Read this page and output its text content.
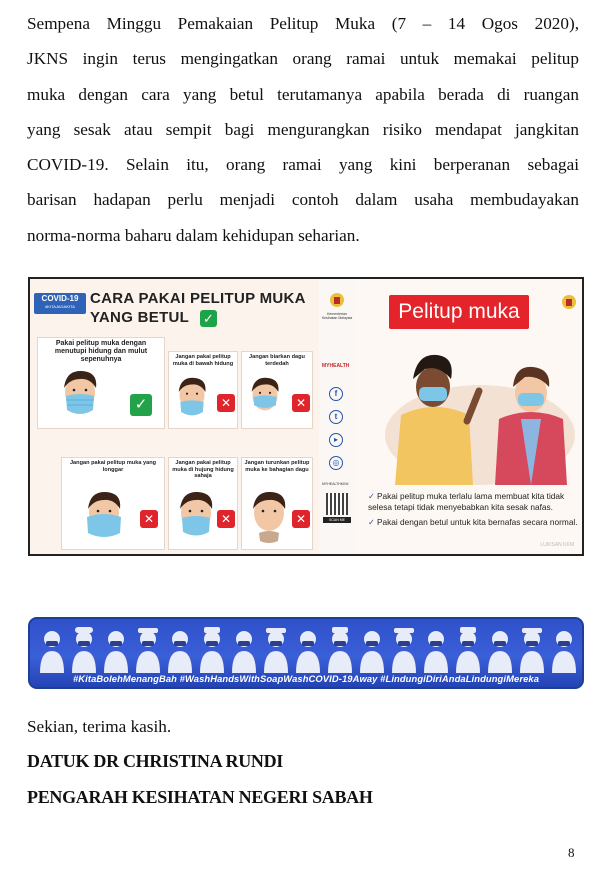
Sempena Minggu Pemakaian Pelitup Muka (7 – 14 Ogos 2020),
JKNS ingin terus mengingatkan orang ramai untuk memakai pelitup
muka dengan cara yang betul terutamanya apabila berada di ruangan
yang sesak atau sempit bagi mengurangkan risiko mendapat jangkitan
COVID-19. Selain itu, orang ramai yang kini berperanan sebagai
barisan hadapan perlu menjadi contoh dalam usaha membudayakan
norma-norma baharu dalam kehidupan seharian.
COVID-19
#KITAJAGAKITA	CARA PAKAI PELITUP MUKA
YANG BETUL	✓
Pakai pelitup muka dengan menutupi hidung dan mulut sepenuhnya
✓
Jangan pakai pelitup muka di bawah hidung
✕
Jangan biarkan dagu terdedah
✕
Jangan pakai pelitup muka yang longgar
✕
Jangan pakai pelitup muka di hujung hidung sahaja
✕
Jangan turunkan pelitup muka ke bahagian dagu
✕
Kementerian Kesihatan Malaysia
MYHEALTH
f
t
▸
◎
MYHEALTHKKM
SCAN ME
Pelitup muka
✓ Pakai pelitup muka terlalu lama membuat kita tidak selesa tetapi tidak menyebabkan kita sesak nafas.
✓ Pakai dengan betul untuk kita bernafas secara normal.
LUKISAN KKM
#KitaBolehMenangBah #WashHandsWithSoapWashCOVID-19Away #LindungiDiriAndaLindungiMereka
Sekian, terima kasih.
DATUK DR CHRISTINA RUNDI
PENGARAH KESIHATAN NEGERI SABAH
8
